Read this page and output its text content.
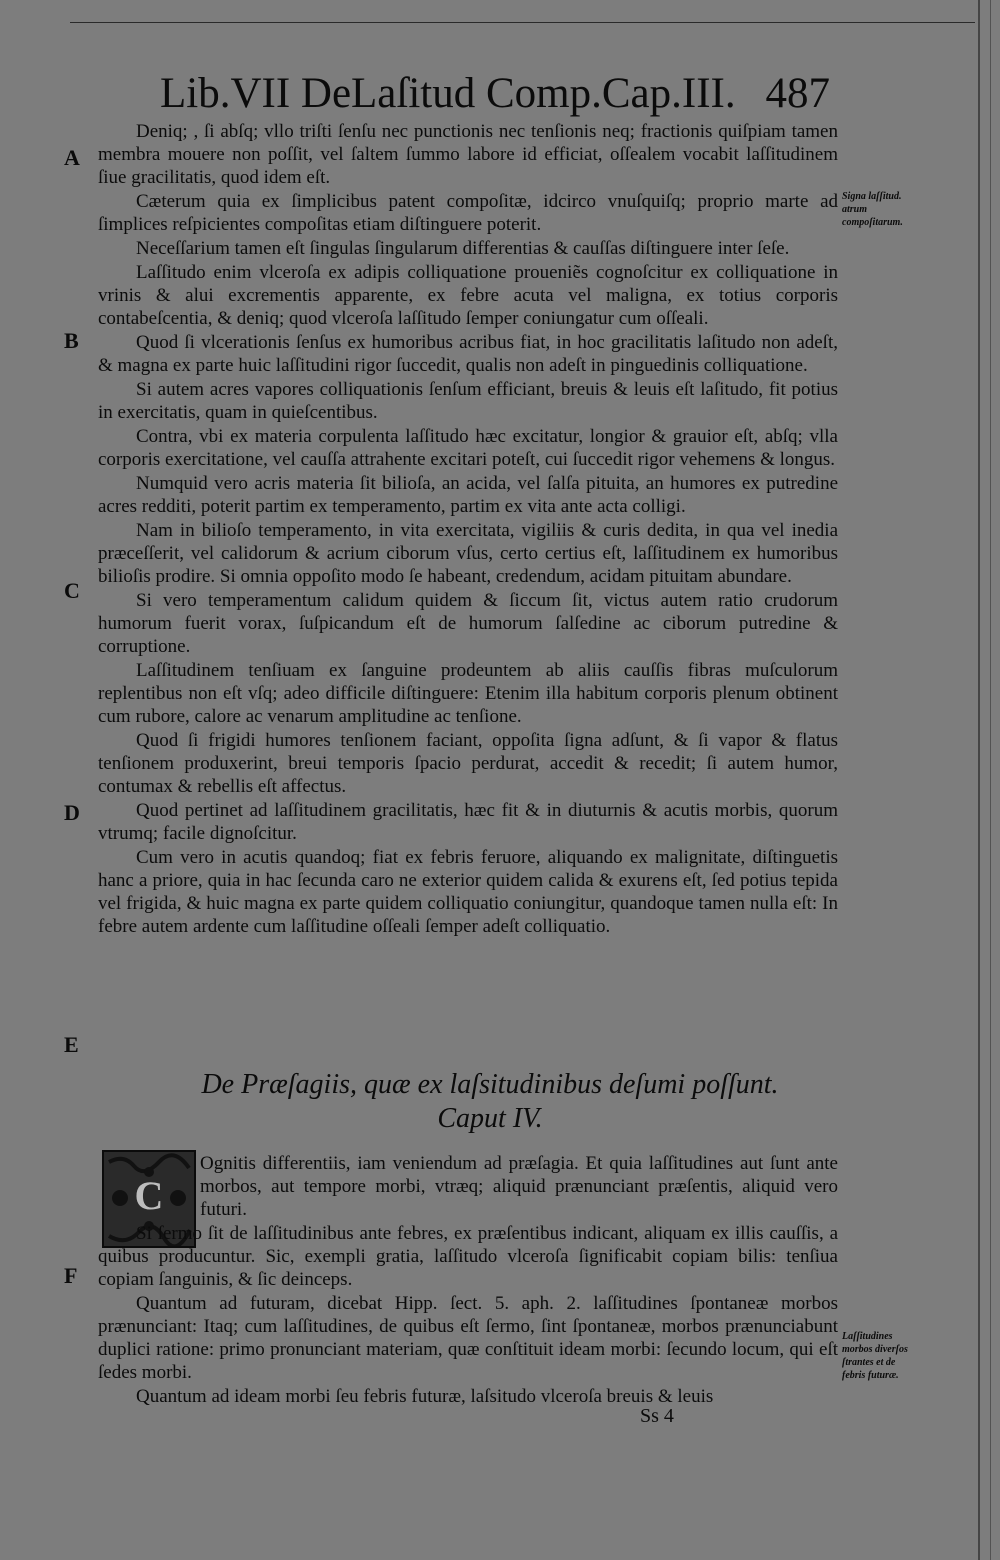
Lib.VII DeLaſitud Comp.Cap.III. 487
A
B
C
D
E
F
Signa laſſitud. atrum compoſitarum.
Laſſitudines morbos diverſos ſtrantes et de febris futuræ.

Deniq; , ſi abſq; vllo triſti ſenſu nec punctionis nec tenſionis neq; fractionis quiſpiam tamen membra mouere non poſſit, vel ſaltem ſummo labore id efficiat, oſſealem vocabit laſſitudinem ſiue gracilitatis, quod idem eſt.

Cæterum quia ex ſimplicibus patent compoſitæ, idcirco vnuſquiſq; proprio marte ad ſimplices reſpicientes compoſitas etiam diſtinguere poterit.

Neceſſarium tamen eſt ſingulas ſingularum differentias & cauſſas diſtinguere inter ſeſe.

Laſſitudo enim vlceroſa ex adipis colliquatione proueniẽs cognoſcitur ex colliquatione in vrinis & alui excrementis apparente, ex febre acuta vel maligna, ex totius corporis contabeſcentia, & deniq; quod vlceroſa laſſitudo ſemper coniungatur cum oſſeali.

Quod ſi vlcerationis ſenſus ex humoribus acribus fiat, in hoc gracilitatis laſitudo non adeſt, & magna ex parte huic laſſitudini rigor ſuccedit, qualis non adeſt in pinguedinis colliquatione.

Si autem acres vapores colliquationis ſenſum efficiant, breuis & leuis eſt laſitudo, fit potius in exercitatis, quam in quieſcentibus.

Contra, vbi ex materia corpulenta laſſitudo hæc excitatur, longior & grauior eſt, abſq; vlla corporis exercitatione, vel cauſſa attrahente excitari poteſt, cui ſuccedit rigor vehemens & longus.

Numquid vero acris materia ſit bilioſa, an acida, vel ſalſa pituita, an humores ex putredine acres redditi, poterit partim ex temperamento, partim ex vita ante acta colligi.

Nam in bilioſo temperamento, in vita exercitata, vigiliis & curis dedita, in qua vel inedia præceſſerit, vel calidorum & acrium ciborum vſus, certo certius eſt, laſſitudinem ex humoribus bilioſis prodire. Si omnia oppoſito modo ſe habeant, credendum, acidam pituitam abundare.

Si vero temperamentum calidum quidem & ſiccum ſit, victus autem ratio crudorum humorum fuerit vorax, ſuſpicandum eſt de humorum ſalſedine ac ciborum putredine & corruptione.

Laſſitudinem tenſiuam ex ſanguine prodeuntem ab aliis cauſſis fibras muſculorum replentibus non eſt vſq; adeo difficile diſtinguere: Etenim illa habitum corporis plenum obtinent cum rubore, calore ac venarum amplitudine ac tenſione.

Quod ſi frigidi humores tenſionem faciant, oppoſita ſigna adſunt, & ſi vapor & flatus tenſionem produxerint, breui temporis ſpacio perdurat, accedit & recedit; ſi autem humor, contumax & rebellis eſt affectus.

Quod pertinet ad laſſitudinem gracilitatis, hæc fit & in diuturnis & acutis morbis, quorum vtrumq; facile dignoſcitur.

Cum vero in acutis quandoq; fiat ex febris feruore, aliquando ex malignitate, diſtinguetis hanc a priore, quia in hac ſecunda caro ne exterior quidem calida & exurens eſt, ſed potius tepida vel frigida, & huic magna ex parte quidem colliquatio coniungitur, quandoque tamen nulla eſt: In febre autem ardente cum laſſitudine oſſeali ſemper adeſt colliquatio.

De Præſagiis, quæ ex laſsitudinibus deſumi poſſunt.
Caput IV.
C

Ognitis differentiis, iam veniendum ad præſagia. Et quia laſſitudines aut ſunt ante morbos, aut tempore morbi, vtræq; aliquid prænunciant præſentis, aliquid vero futuri.

Si ſermo ſit de laſſitudinibus ante febres, ex præſentibus indicant, aliquam ex illis cauſſis, a quibus producuntur. Sic, exempli gratia, laſſitudo vlceroſa ſignificabit copiam bilis: tenſiua copiam ſanguinis, & ſic deinceps.

Quantum ad futuram, dicebat Hipp. ſect. 5. aph. 2. laſſitudines ſpontaneæ morbos prænunciant: Itaq; cum laſſitudines, de quibus eſt ſermo, ſint ſpontaneæ, morbos prænunciabunt duplici ratione: primo pronunciant materiam, quæ conſtituit ideam morbi: ſecundo locum, qui eſt ſedes morbi.

Quantum ad ideam morbi ſeu febris futuræ, laſsitudo vlceroſa breuis & leuis

Ss 4
